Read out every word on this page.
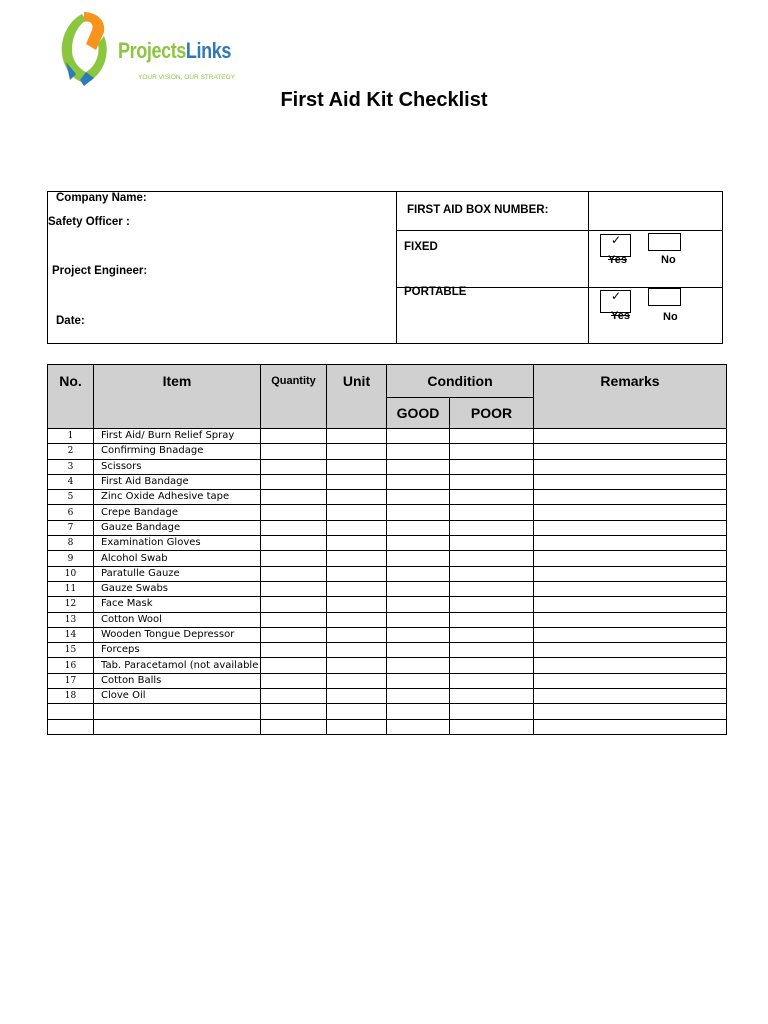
ProjectsLinks
YOUR VISION, OUR STRATEGY
First Aid Kit Checklist
Company Name:
Safety Officer :
Project Engineer:
Date:
FIRST AID BOX NUMBER:
FIXED	✓
Yes	No
PORTABLE	✓
Yes	No
No.	Item	Quantity	Unit	Condition		Remarks
				GOOD	POOR	
1	First Aid/ Burn Relief Spray					
2	Confirming Bnadage					
3	Scissors					
4	First Aid Bandage					
5	Zinc Oxide Adhesive tape					
6	Crepe Bandage					
7	Gauze Bandage					
8	Examination Gloves					
9	Alcohol Swab					
10	Paratulle Gauze					
11	Gauze Swabs					
12	Face Mask					
13	Cotton Wool					
14	Wooden Tongue Depressor					
15	Forceps					
16	Tab. Paracetamol (not available					
17	Cotton Balls					
18	Clove Oil					
